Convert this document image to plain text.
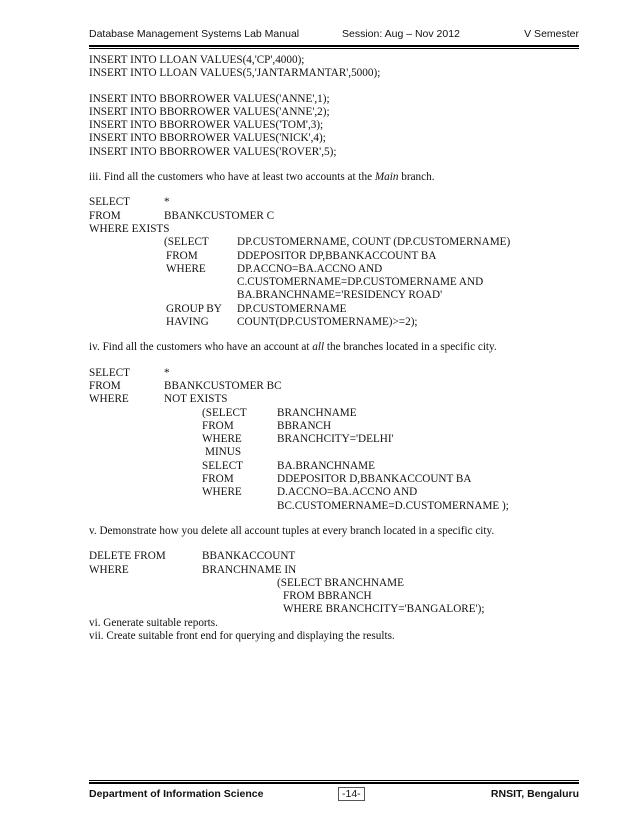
Database Management Systems Lab Manual	Session: Aug – Nov 2012	V Semester
INSERT INTO LLOAN VALUES(4,'CP',4000);
INSERT INTO LLOAN VALUES(5,'JANTARMANTAR',5000);
INSERT INTO BBORROWER VALUES('ANNE',1);
INSERT INTO BBORROWER VALUES('ANNE',2);
INSERT INTO BBORROWER VALUES('TOM',3);
INSERT INTO BBORROWER VALUES('NICK',4);
INSERT INTO BBORROWER VALUES('ROVER',5);
iii. Find all the customers who have at least two accounts at the Main branch.
SELECT	*
FROM	BBANKCUSTOMER C
WHERE EXISTS
(SELECT	DP.CUSTOMERNAME, COUNT (DP.CUSTOMERNAME)
FROM	DDEPOSITOR DP,BBANKACCOUNT BA
WHERE	DP.ACCNO=BA.ACCNO AND
C.CUSTOMERNAME=DP.CUSTOMERNAME AND
BA.BRANCHNAME='RESIDENCY ROAD'
GROUP BY DP.CUSTOMERNAME
HAVING	COUNT(DP.CUSTOMERNAME)>=2);
iv. Find all the customers who have an account at all the branches located in a specific city.
SELECT	*
FROM	BBANKCUSTOMER BC
WHERE	NOT EXISTS
(SELECT	BRANCHNAME
FROM	BBRANCH
WHERE	BRANCHCITY='DELHI'
MINUS
SELECT	BA.BRANCHNAME
FROM	DDEPOSITOR D,BBANKACCOUNT BA
WHERE	D.ACCNO=BA.ACCNO AND
BC.CUSTOMERNAME=D.CUSTOMERNAME );
v. Demonstrate how you delete all account tuples at every branch located in a specific city.
DELETE FROM	BBANKACCOUNT
WHERE	BRANCHNAME IN
(SELECT BRANCHNAME
FROM BBRANCH
WHERE BRANCHCITY='BANGALORE');
vi. Generate suitable reports.
vii. Create suitable front end for querying and displaying the results.
Department of Information Science	-14-	RNSIT, Bengaluru
